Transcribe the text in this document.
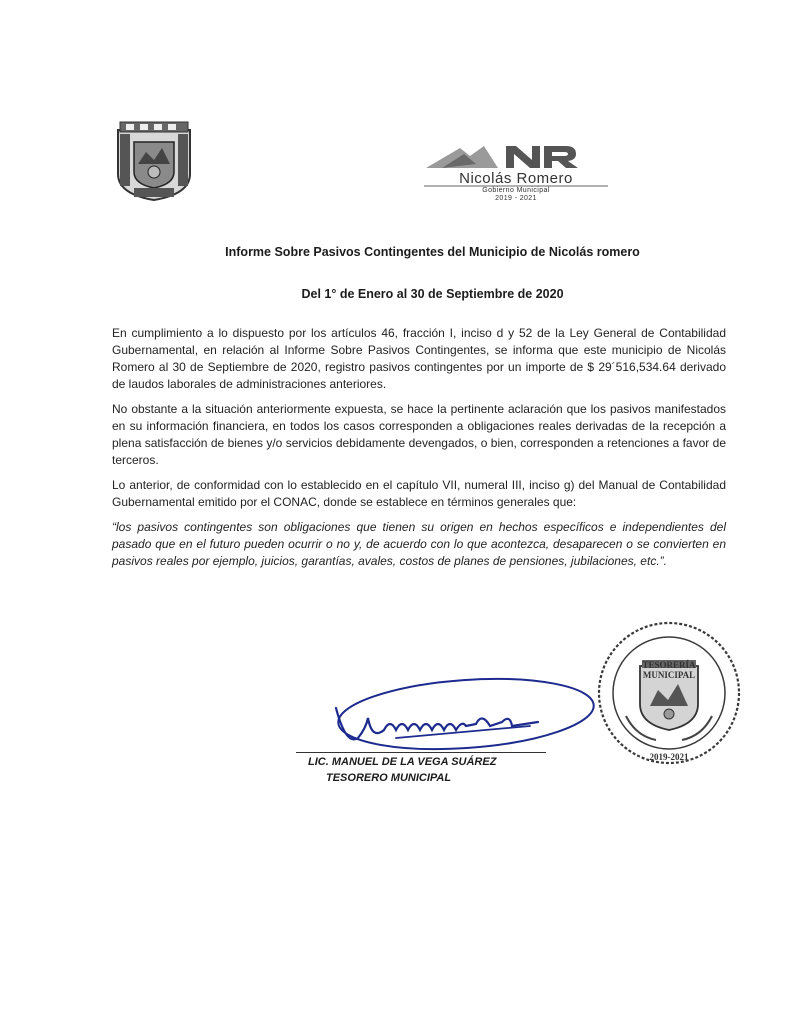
Nicolás Romero
Gobierno Municipal
2019 - 2021
Informe Sobre Pasivos Contingentes del Municipio de Nicolás romero
Del 1° de Enero al 30 de Septiembre de 2020

En cumplimiento a lo dispuesto por los artículos 46, fracción I, inciso d y 52 de la Ley General de Contabilidad Gubernamental, en relación al Informe Sobre Pasivos Contingentes, se informa que este municipio de Nicolás Romero al 30 de Septiembre de 2020, registro pasivos contingentes por un importe de $ 29´516,534.64 derivado de laudos laborales de administraciones anteriores.

No obstante a la situación anteriormente expuesta, se hace la pertinente aclaración que los pasivos manifestados en su información financiera, en todos los casos corresponden a obligaciones reales derivadas de la recepción a plena satisfacción de bienes y/o servicios debidamente devengados, o bien, corresponden a retenciones a favor de terceros.

Lo anterior, de conformidad con lo establecido en el capítulo VII, numeral III, inciso g) del Manual de Contabilidad Gubernamental emitido por el CONAC, donde se establece en términos generales que:

“los pasivos contingentes son obligaciones que tienen su origen en hechos específicos e independientes del pasado que en el futuro pueden ocurrir o no y, de acuerdo con lo que acontezca, desaparecen o se convierten en pasivos reales por ejemplo, juicios, garantías, avales, costos de planes de pensiones, jubilaciones, etc.”.

LIC. MANUEL DE LA VEGA SUÁREZ
TESORERO MUNICIPAL
TESORERÍA MUNICIPAL
2019-2021
